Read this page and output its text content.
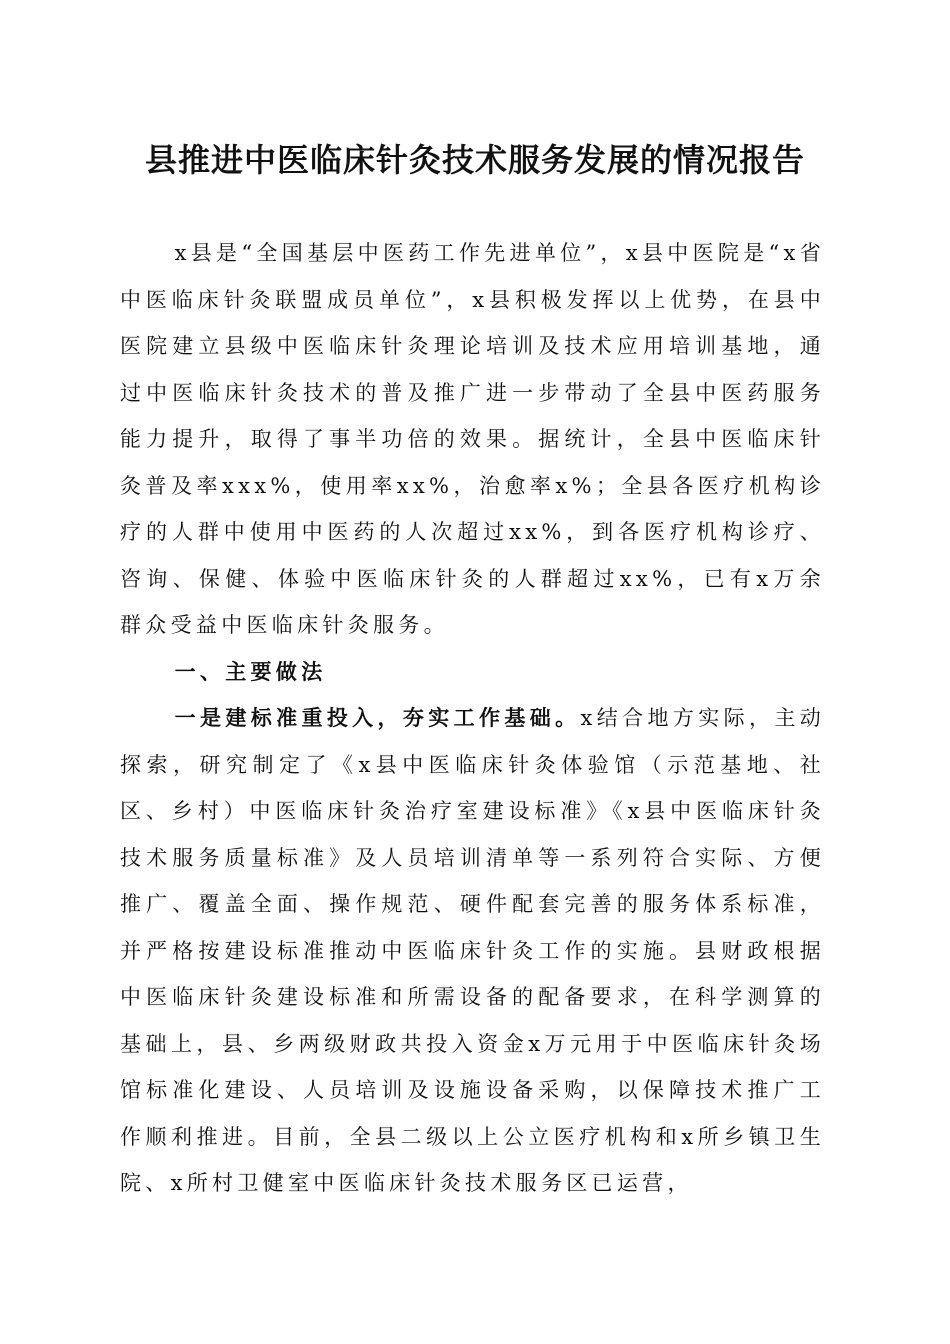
县推进中医临床针灸技术服务发展的情况报告

x县是“全国基层中医药工作先进单位”，x县中医院是“x省中医临床针灸联盟成员单位”，x县积极发挥以上优势，在县中医院建立县级中医临床针灸理论培训及技术应用培训基地，通过中医临床针灸技术的普及推广进一步带动了全县中医药服务能力提升，取得了事半功倍的效果。据统计，全县中医临床针灸普及率xxx%，使用率xx%，治愈率x%；全县各医疗机构诊疗的人群中使用中医药的人次超过xx%，到各医疗机构诊疗、咨询、保健、体验中医临床针灸的人群超过xx%，已有x万余群众受益中医临床针灸服务。

一、主要做法

一是建标准重投入，夯实工作基础。x结合地方实际，主动探索，研究制定了《x县中医临床针灸体验馆（示范基地、社区、乡村）中医临床针灸治疗室建设标准》《x县中医临床针灸技术服务质量标准》及人员培训清单等一系列符合实际、方便推广、覆盖全面、操作规范、硬件配套完善的服务体系标准，并严格按建设标准推动中医临床针灸工作的实施。县财政根据中医临床针灸建设标准和所需设备的配备要求，在科学测算的基础上，县、乡两级财政共投入资金x万元用于中医临床针灸场馆标准化建设、人员培训及设施设备采购，以保障技术推广工作顺利推进。目前，全县二级以上公立医疗机构和x所乡镇卫生院、x所村卫健室中医临床针灸技术服务区已运营，
